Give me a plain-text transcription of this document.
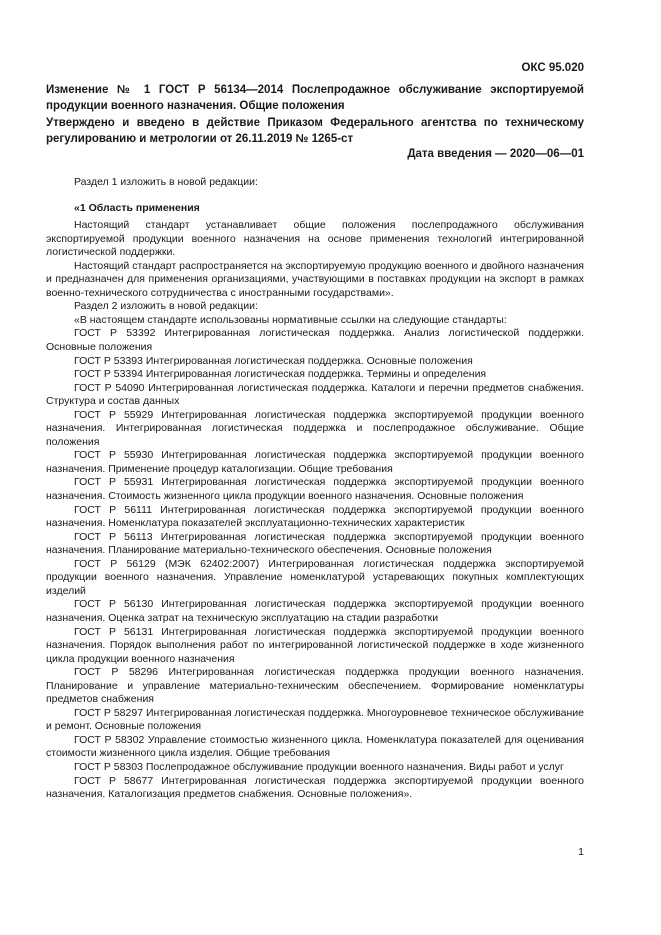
ОКС 95.020
Изменение № 1 ГОСТ Р 56134—2014 Послепродажное обслуживание экспортируемой продукции военного назначения. Общие положения
Утверждено и введено в действие Приказом Федерального агентства по техническому регулированию и метрологии от 26.11.2019 № 1265-ст
Дата введения — 2020—06—01

Раздел 1 изложить в новой редакции:

«1 Область применения

Настоящий стандарт устанавливает общие положения послепродажного обслуживания экспортируемой продукции военного назначения на основе применения технологий интегрированной логистической поддержки.

Настоящий стандарт распространяется на экспортируемую продукцию военного и двойного назначения и предназначен для применения организациями, участвующими в поставках продукции на экспорт в рамках военно-технического сотрудничества с иностранными государствами».

Раздел 2 изложить в новой редакции:

«В настоящем стандарте использованы нормативные ссылки на следующие стандарты:

ГОСТ Р 53392 Интегрированная логистическая поддержка. Анализ логистической поддержки. Основные положения

ГОСТ Р 53393 Интегрированная логистическая поддержка. Основные положения

ГОСТ Р 53394 Интегрированная логистическая поддержка. Термины и определения

ГОСТ Р 54090 Интегрированная логистическая поддержка. Каталоги и перечни предметов снабжения. Структура и состав данных

ГОСТ Р 55929 Интегрированная логистическая поддержка экспортируемой продукции военного назначения. Интегрированная логистическая поддержка и послепродажное обслуживание. Общие положения

ГОСТ Р 55930 Интегрированная логистическая поддержка экспортируемой продукции военного назначения. Применение процедур каталогизации. Общие требования

ГОСТ Р 55931 Интегрированная логистическая поддержка экспортируемой продукции военного назначения. Стоимость жизненного цикла продукции военного назначения. Основные положения

ГОСТ Р 56111 Интегрированная логистическая поддержка экспортируемой продукции военного назначения. Номенклатура показателей эксплуатационно-технических характеристик

ГОСТ Р 56113 Интегрированная логистическая поддержка экспортируемой продукции военного назначения. Планирование материально-технического обеспечения. Основные положения

ГОСТ Р 56129 (МЭК 62402:2007) Интегрированная логистическая поддержка экспортируемой продукции военного назначения. Управление номенклатурой устаревающих покупных комплектующих изделий

ГОСТ Р 56130 Интегрированная логистическая поддержка экспортируемой продукции военного назначения. Оценка затрат на техническую эксплуатацию на стадии разработки

ГОСТ Р 56131 Интегрированная логистическая поддержка экспортируемой продукции военного назначения. Порядок выполнения работ по интегрированной логистической поддержке в ходе жизненного цикла продукции военного назначения

ГОСТ Р 58296 Интегрированная логистическая поддержка продукции военного назначения. Планирование и управление материально-техническим обеспечением. Формирование номенклатуры предметов снабжения

ГОСТ Р 58297 Интегрированная логистическая поддержка. Многоуровневое техническое обслуживание и ремонт. Основные положения

ГОСТ Р 58302 Управление стоимостью жизненного цикла. Номенклатура показателей для оценивания стоимости жизненного цикла изделия. Общие требования

ГОСТ Р 58303 Послепродажное обслуживание продукции военного назначения. Виды работ и услуг

ГОСТ Р 58677 Интегрированная логистическая поддержка экспортируемой продукции военного назначения. Каталогизация предметов снабжения. Основные положения».

1
